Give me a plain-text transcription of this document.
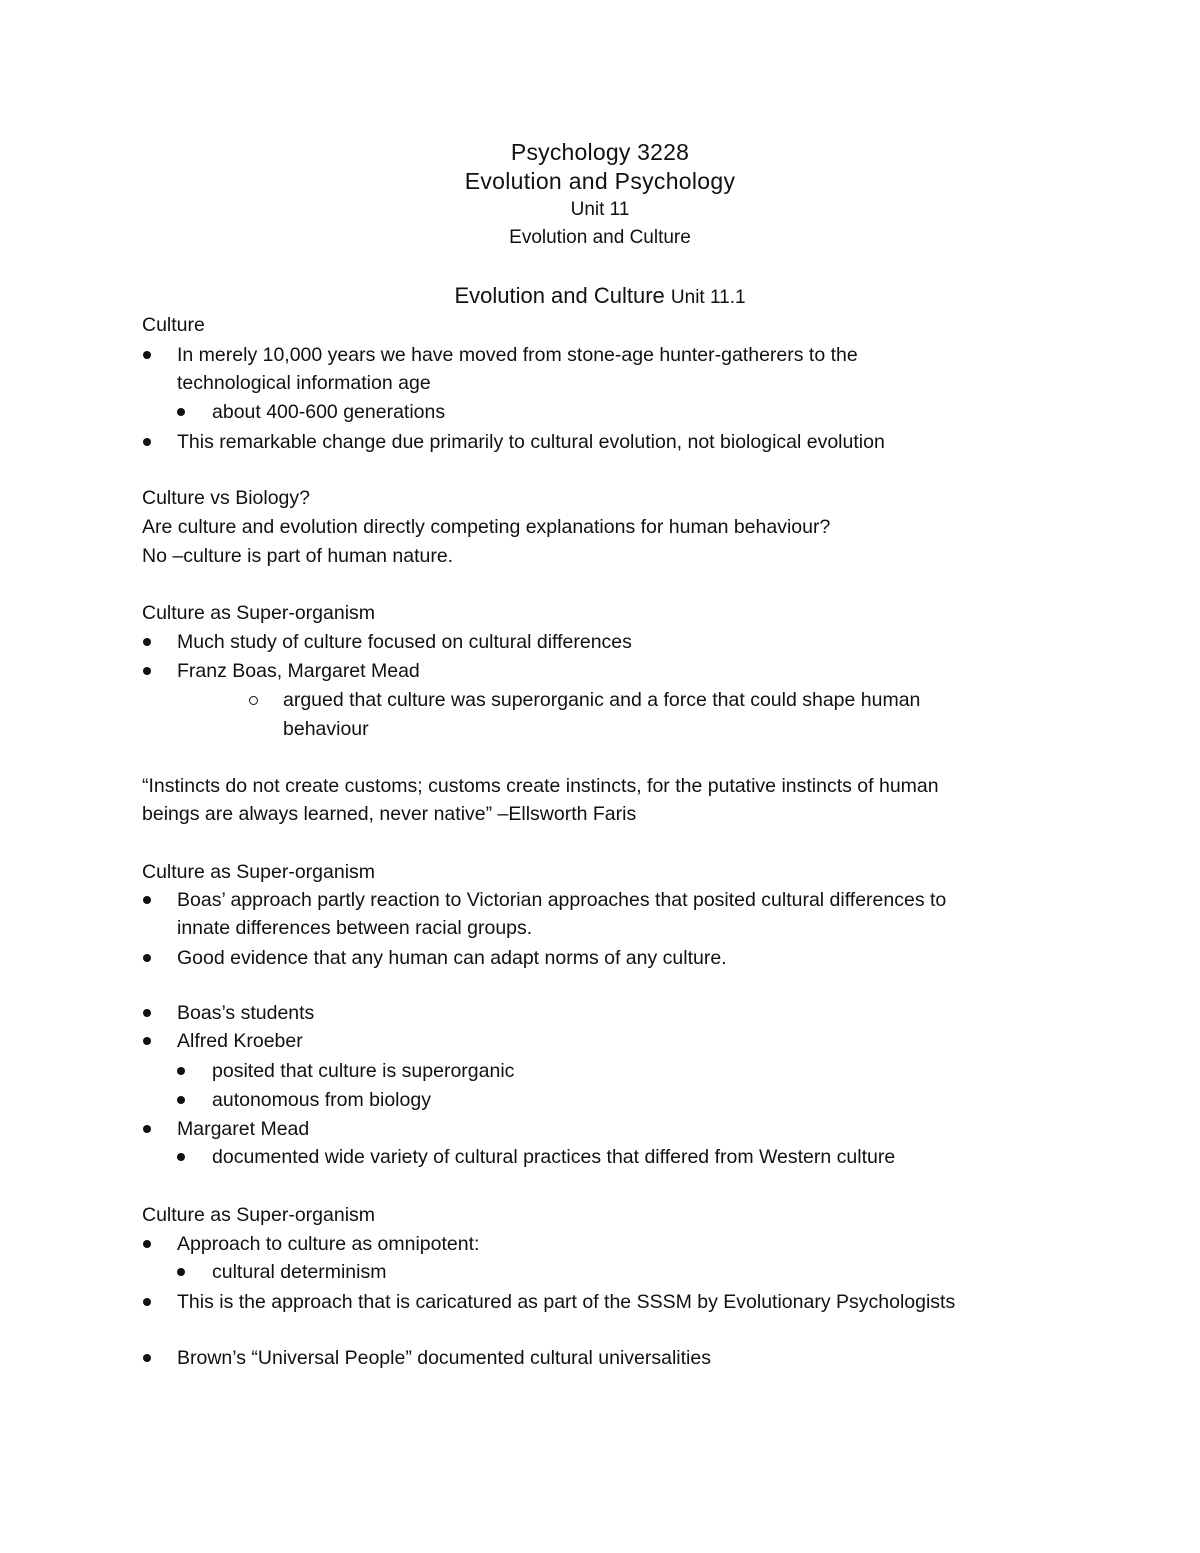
Psychology 3228
Evolution and Psychology
Unit 11
Evolution and Culture
Evolution and Culture Unit 11.1
Culture
In merely 10,000 years we have moved from stone-age hunter-gatherers to the
technological information age
about 400-600 generations
This remarkable change due primarily to cultural evolution, not biological evolution
Culture vs Biology?
Are culture and evolution directly competing explanations for human behaviour?
No –culture is part of human nature.
Culture as Super-organism
Much study of culture focused on cultural differences
Franz Boas, Margaret Mead
argued that culture was superorganic and a force that could shape human
behaviour
“Instincts do not create customs; customs create instincts, for the putative instincts of human
beings are always learned, never native” –Ellsworth Faris
Culture as Super-organism
Boas’ approach partly reaction to Victorian approaches that posited cultural differences to
innate differences between racial groups.
Good evidence that any human can adapt norms of any culture.
Boas’s students
Alfred Kroeber
posited that culture is superorganic
autonomous from biology
Margaret Mead
documented wide variety of cultural practices that differed from Western culture
Culture as Super-organism
Approach to culture as omnipotent:
cultural determinism
This is the approach that is caricatured as part of the SSSM by Evolutionary Psychologists
Brown’s “Universal People” documented cultural universalities
